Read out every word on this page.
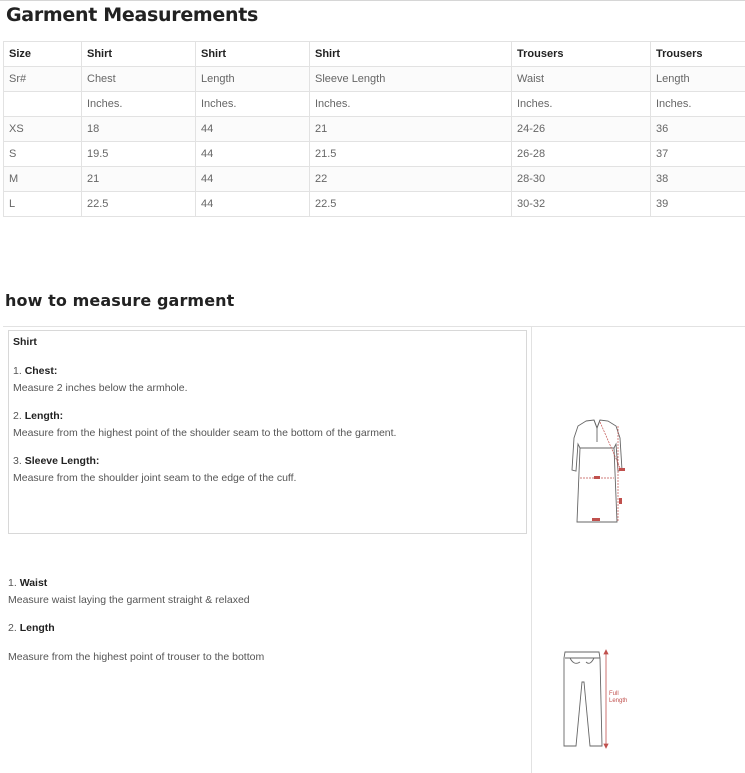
Garment Measurements
Size	Shirt	Shirt	Shirt	Trousers	Trousers
Sr#	Chest	Length	Sleeve Length	Waist	Length
	Inches.	Inches.	Inches.	Inches.	Inches.
XS	18	44	21	24-26	36
S	19.5	44	21.5	26-28	37
M	21	44	22	28-30	38
L	22.5	44	22.5	30-32	39
how to measure garment
Shirt
1. Chest:
Measure 2 inches below the armhole.
2. Length:
Measure from the highest point of the shoulder seam to the bottom of the garment.
3. Sleeve Length:
Measure from the shoulder joint seam to the edge of the cuff.
1. Waist
Measure waist laying the garment straight & relaxed
2. Length
Measure from the highest point of trouser to the bottom
Full
Length
